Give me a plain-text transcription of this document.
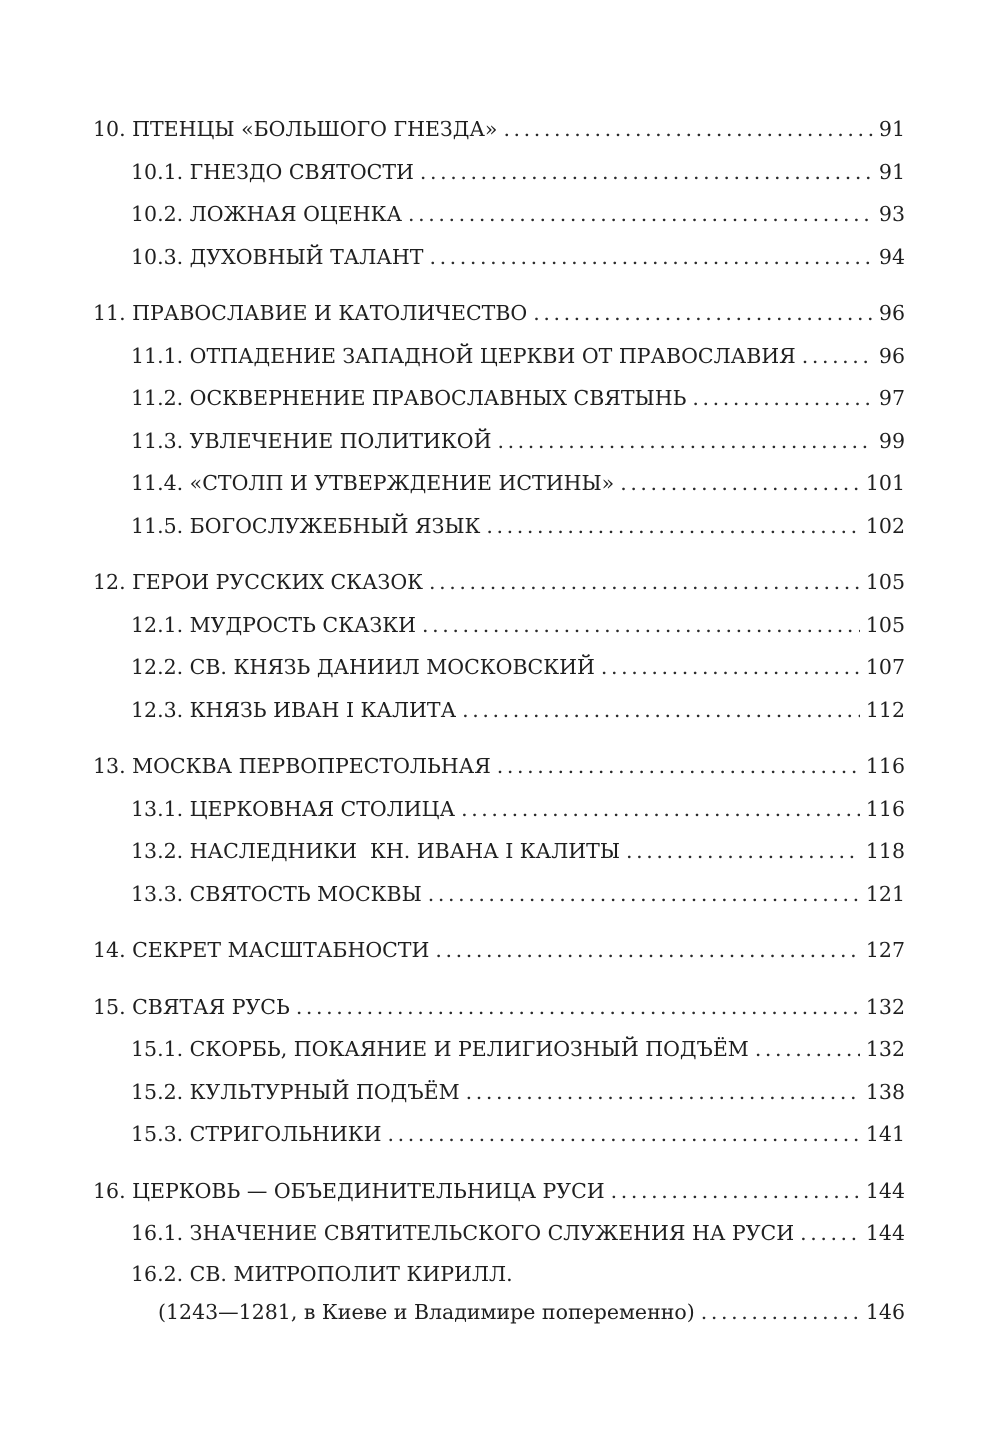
10. ПТЕНЦЫ «БОЛЬШОГО ГНЕЗДА» .....	91
10.1. ГНЕЗДО СВЯТОСТИ .....	91
10.2. ЛОЖНАЯ ОЦЕНКА .....	93
10.3. ДУХОВНЫЙ ТАЛАНТ .....	94
11. ПРАВОСЛАВИЕ И КАТОЛИЧЕСТВО .....	96
11.1. ОТПАДЕНИЕ ЗАПАДНОЙ ЦЕРКВИ ОТ ПРАВОСЛАВИЯ .....	96
11.2. ОСКВЕРНЕНИЕ ПРАВОСЛАВНЫХ СВЯТЫНЬ .....	97
11.3. УВЛЕЧЕНИЕ ПОЛИТИКОЙ .....	99
11.4. «СТОЛП И УТВЕРЖДЕНИЕ ИСТИНЫ» .....	101
11.5. БОГОСЛУЖЕБНЫЙ ЯЗЫК .....	102
12. ГЕРОИ РУССКИХ СКАЗОК .....	105
12.1. МУДРОСТЬ СКАЗКИ .....	105
12.2. СВ. КНЯЗЬ ДАНИИЛ МОСКОВСКИЙ .....	107
12.3. КНЯЗЬ ИВАН I КАЛИТА .....	112
13. МОСКВА ПЕРВОПРЕСТОЛЬНАЯ .....	116
13.1. ЦЕРКОВНАЯ СТОЛИЦА .....	116
13.2. НАСЛЕДНИКИ  КН. ИВАНА I КАЛИТЫ .....	118
13.3. СВЯТОСТЬ МОСКВЫ .....	121
14. СЕКРЕТ МАСШТАБНОСТИ .....	127
15. СВЯТАЯ РУСЬ .....	132
15.1. СКОРБЬ, ПОКАЯНИЕ И РЕЛИГИОЗНЫЙ ПОДЪЁМ .....	132
15.2. КУЛЬТУРНЫЙ ПОДЪЁМ .....	138
15.3. СТРИГОЛЬНИКИ .....	141
16. ЦЕРКОВЬ — ОБЪЕДИНИТЕЛЬНИЦА РУСИ .....	144
16.1. ЗНАЧЕНИЕ СВЯТИТЕЛЬСКОГО СЛУЖЕНИЯ НА РУСИ .....	144
16.2. СВ. МИТРОПОЛИТ КИРИЛЛ.
(1243—1281, в Киеве и Владимире попеременно) .....	146
